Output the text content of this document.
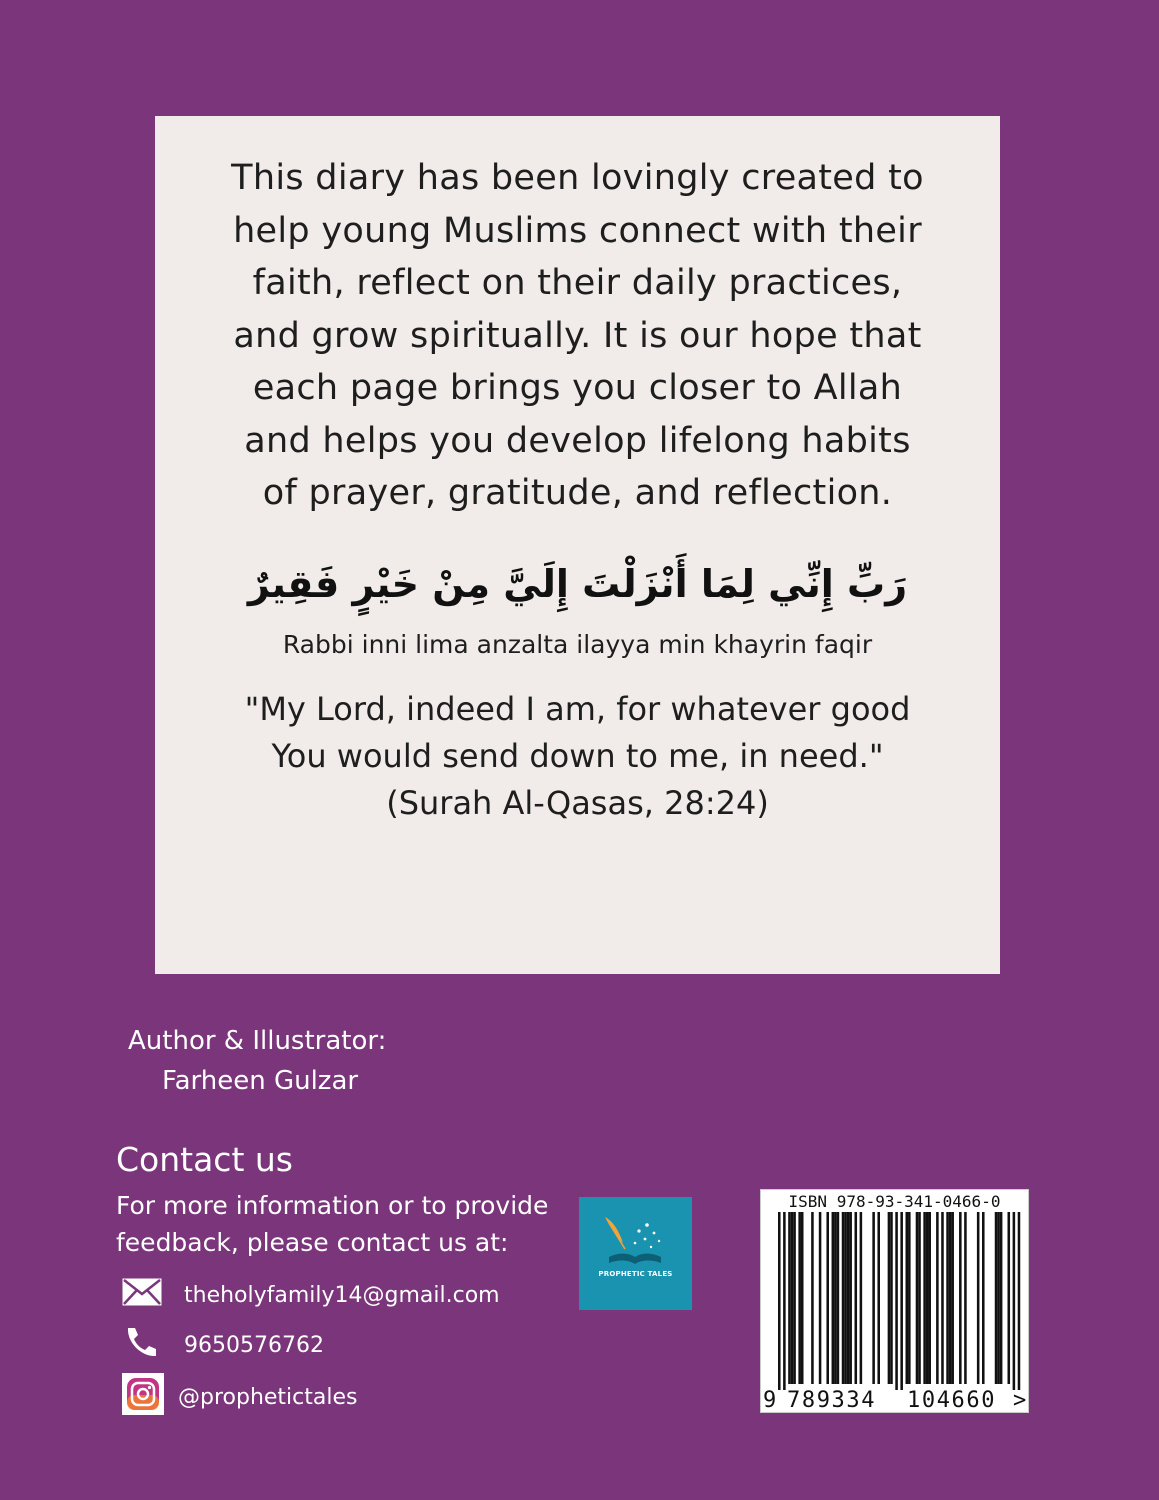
This diary has been lovingly created to
help young Muslims connect with their
faith, reflect on their daily practices,
and grow spiritually. It is our hope that
each page brings you closer to Allah
and helps you develop lifelong habits
of prayer, gratitude, and reflection.
رَبِّ إِنِّي لِمَا أَنْزَلْتَ إِلَيَّ مِنْ خَيْرٍ فَقِيرٌ
Rabbi inni lima anzalta ilayya min khayrin faqir
"My Lord, indeed I am, for whatever good
You would send down to me, in need."
(Surah Al-Qasas, 28:24)
Author & Illustrator:
Farheen Gulzar
Contact us
For more information or to provide
feedback, please contact us at:
theholyfamily14@gmail.com
9650576762
@prophetictales
PROPHETIC TALES
ISBN 978-93-341-0466-0
9 789334 104660 >
